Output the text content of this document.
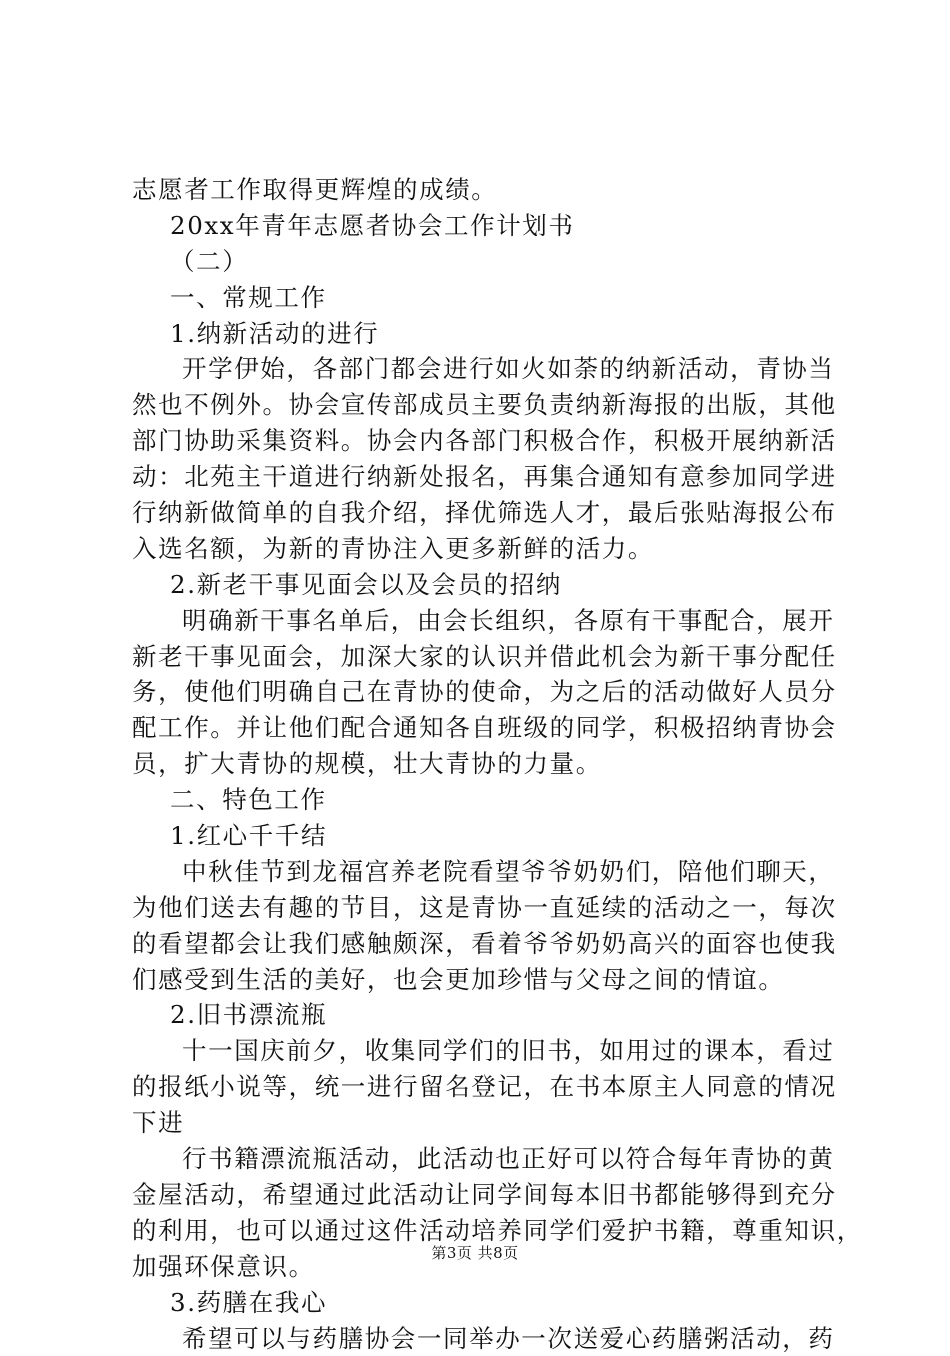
志愿者工作取得更辉煌的成绩。
20xx年青年志愿者协会工作计划书
（二）
一、常规工作
1.纳新活动的进行
开学伊始，各部门都会进行如火如荼的纳新活动，青协当
然也不例外。协会宣传部成员主要负责纳新海报的出版，其他
部门协助采集资料。协会内各部门积极合作，积极开展纳新活
动：北苑主干道进行纳新处报名，再集合通知有意参加同学进
行纳新做简单的自我介绍，择优筛选人才，最后张贴海报公布
入选名额，为新的青协注入更多新鲜的活力。
2.新老干事见面会以及会员的招纳
明确新干事名单后，由会长组织，各原有干事配合，展开
新老干事见面会，加深大家的认识并借此机会为新干事分配任
务，使他们明确自己在青协的使命，为之后的活动做好人员分
配工作。并让他们配合通知各自班级的同学，积极招纳青协会
员，扩大青协的规模，壮大青协的力量。
二、特色工作
1.红心千千结
中秋佳节到龙福宫养老院看望爷爷奶奶们，陪他们聊天，
为他们送去有趣的节目，这是青协一直延续的活动之一，每次
的看望都会让我们感触颇深，看着爷爷奶奶高兴的面容也使我
们感受到生活的美好，也会更加珍惜与父母之间的情谊。
2.旧书漂流瓶
十一国庆前夕，收集同学们的旧书，如用过的课本，看过
的报纸小说等，统一进行留名登记，在书本原主人同意的情况
下进
行书籍漂流瓶活动，此活动也正好可以符合每年青协的黄
金屋活动，希望通过此活动让同学间每本旧书都能够得到充分
的利用，也可以通过这件活动培养同学们爱护书籍，尊重知识，
加强环保意识。
3.药膳在我心
希望可以与药膳协会一同举办一次送爱心药膳粥活动，药
第3页 共8页
